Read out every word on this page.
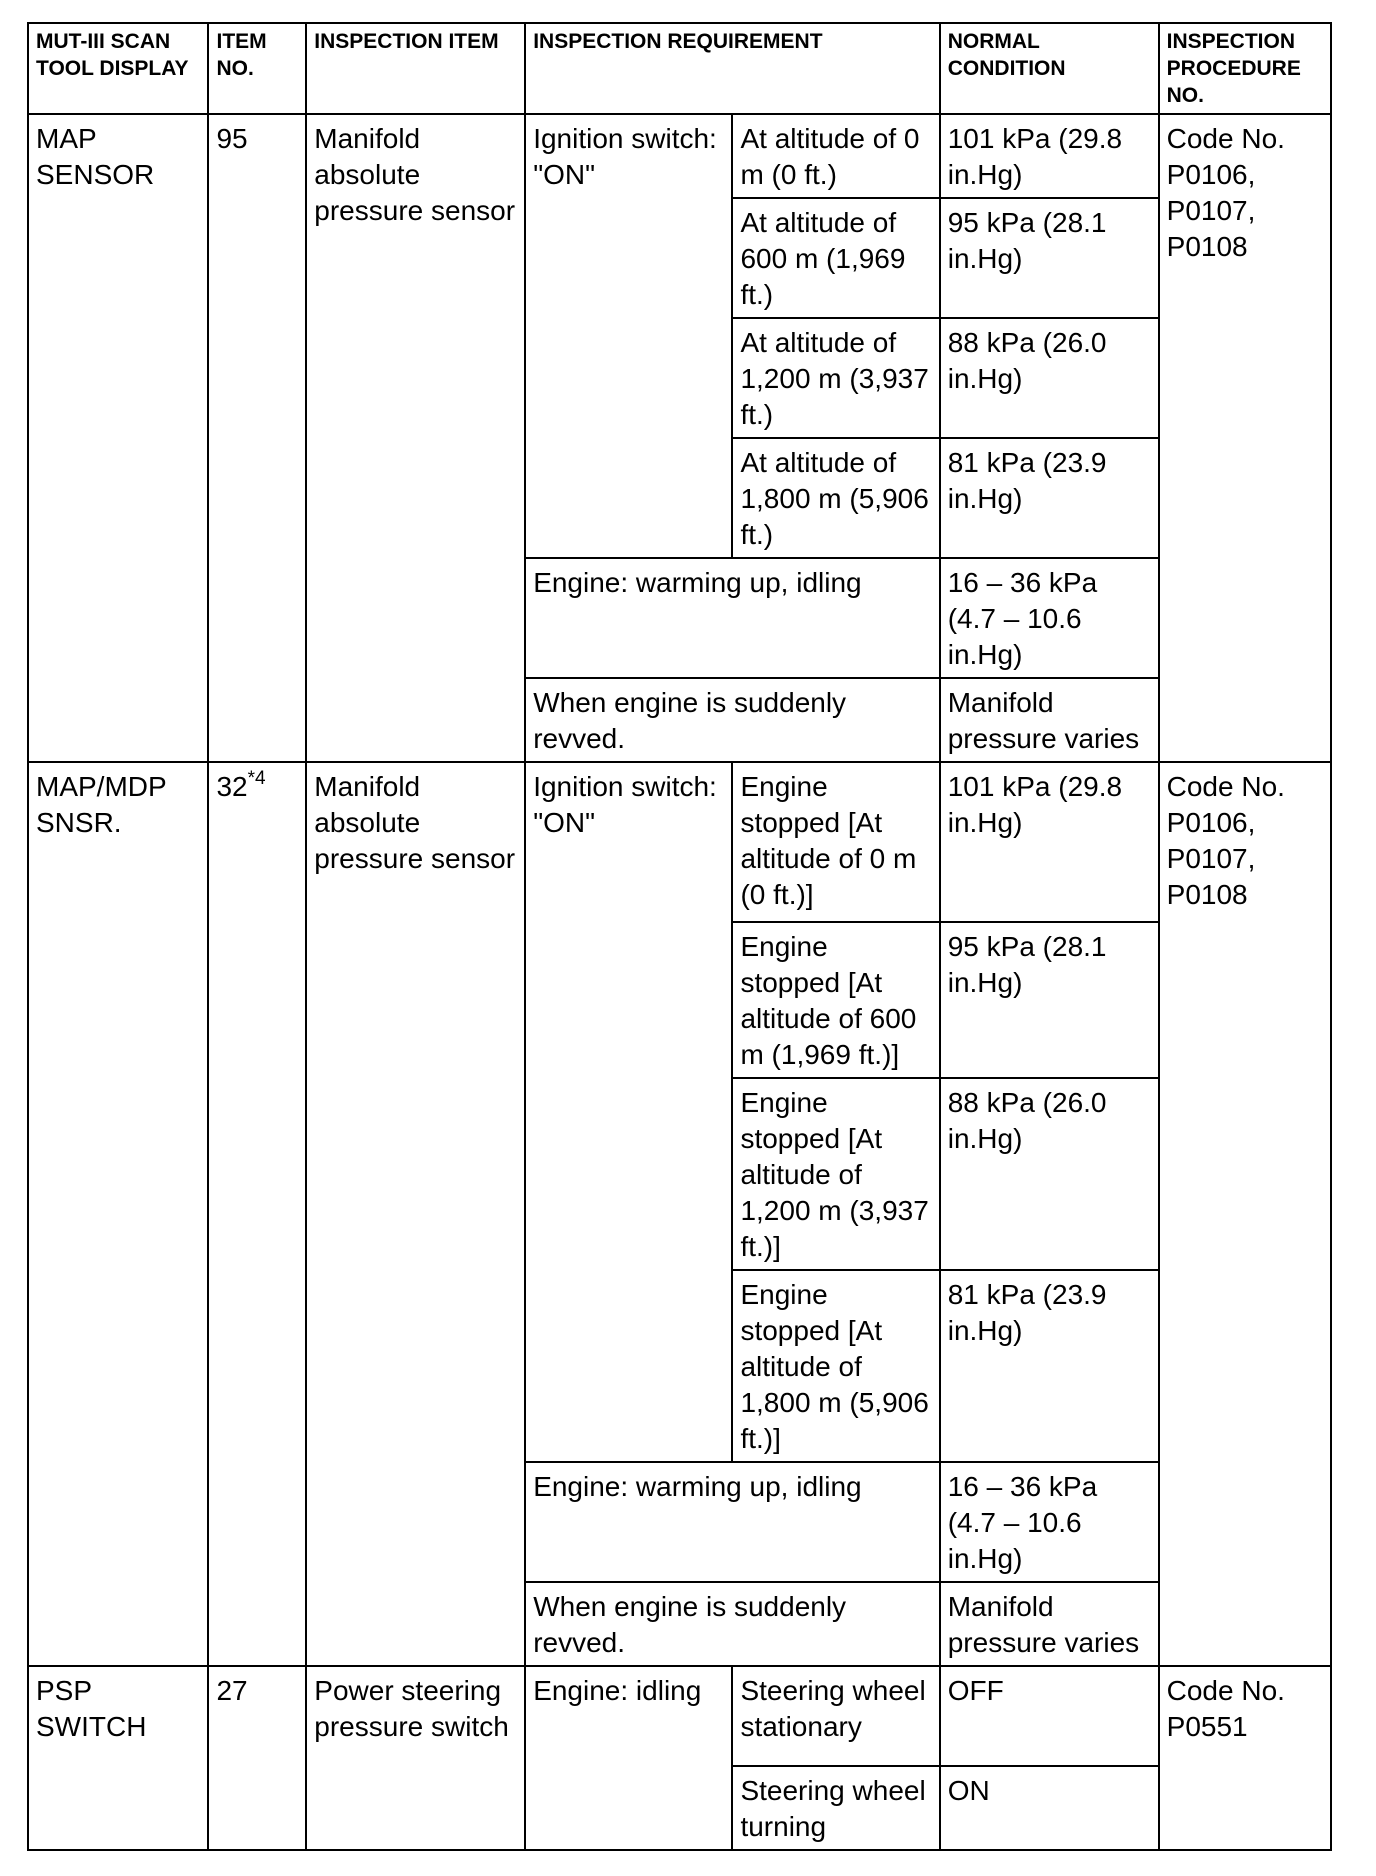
MUT-III SCAN TOOL DISPLAY	ITEM NO.	INSPECTION ITEM	INSPECTION REQUIREMENT		NORMAL CONDITION	INSPECTION PROCEDURE NO.
MAP SENSOR	95	Manifold absolute pressure sensor	Ignition switch: "ON"	At altitude of 0 m (0 ft.)	101 kPa (29.8 in.Hg)	Code No. P0106, P0107, P0108
				At altitude of 600 m (1,969 ft.)	95 kPa (28.1 in.Hg)	
				At altitude of 1,200 m (3,937 ft.)	88 kPa (26.0 in.Hg)	
				At altitude of 1,800 m (5,906 ft.)	81 kPa (23.9 in.Hg)	
			Engine: warming up, idling		16 – 36 kPa (4.7 – 10.6 in.Hg)	
			When engine is suddenly revved.		Manifold pressure varies	
MAP/MDP SNSR.	32$^{*4}$	Manifold absolute pressure sensor	Ignition switch: "ON"	Engine stopped [At altitude of 0 m (0 ft.)]	101 kPa (29.8 in.Hg)	Code No. P0106, P0107, P0108
				Engine stopped [At altitude of 600 m (1,969 ft.)]	95 kPa (28.1 in.Hg)	
				Engine stopped [At altitude of 1,200 m (3,937 ft.)]	88 kPa (26.0 in.Hg)	
				Engine stopped [At altitude of 1,800 m (5,906 ft.)]	81 kPa (23.9 in.Hg)	
			Engine: warming up, idling		16 – 36 kPa (4.7 – 10.6 in.Hg)	
			When engine is suddenly revved.		Manifold pressure varies	
PSP SWITCH	27	Power steering pressure switch	Engine: idling	Steering wheel stationary	OFF	Code No. P0551
				Steering wheel turning	ON	
